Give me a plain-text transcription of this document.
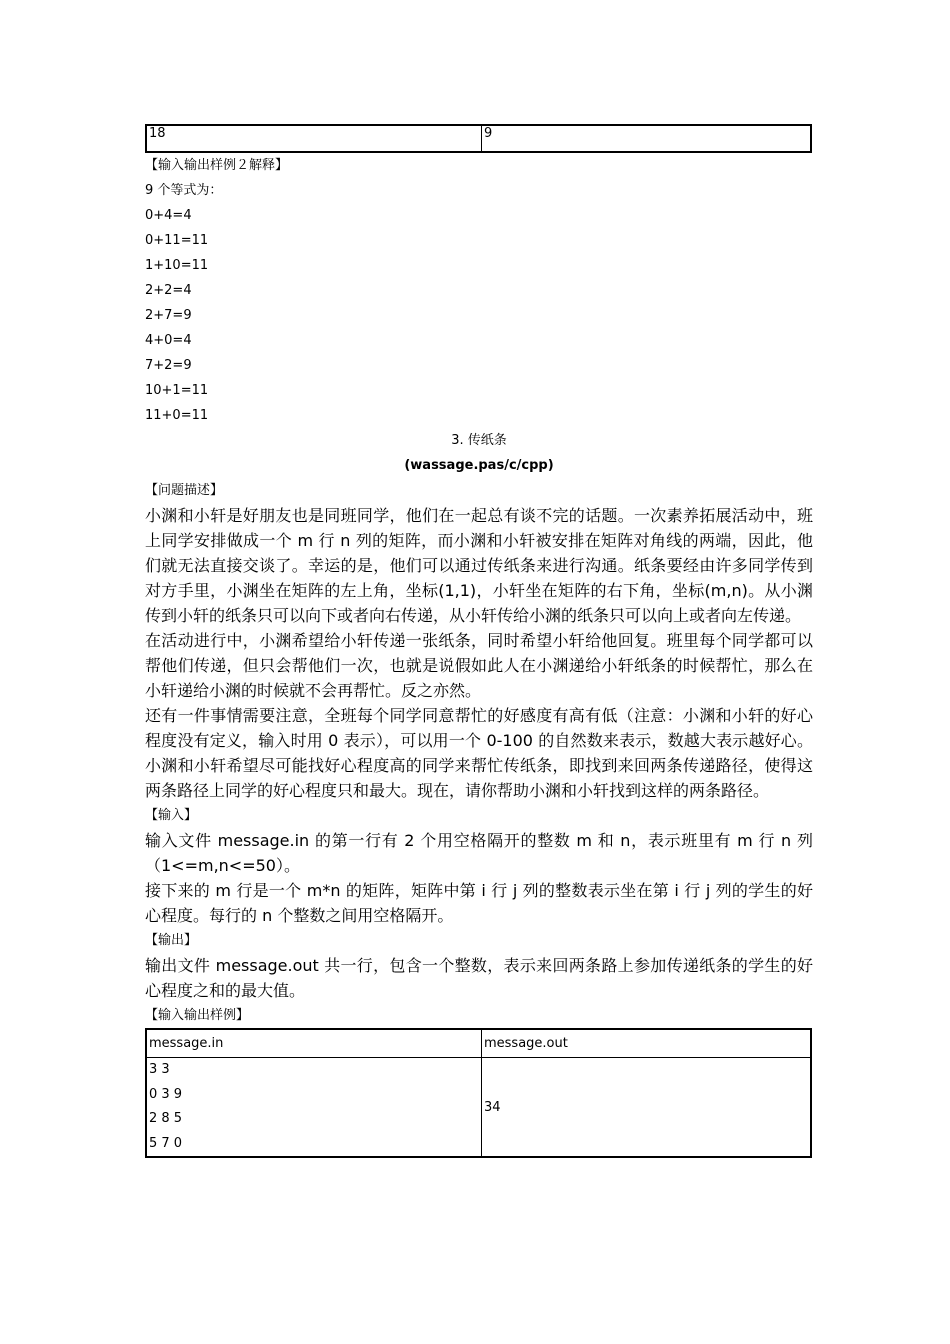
18	9
【输入输出样例２解释】
9 个等式为：
0+4=4
0+11=11
1+10=11
2+2=4
2+7=9
4+0=4
7+2=9
10+1=11
11+0=11
3. 传纸条
(wassage.pas/c/cpp)
【问题描述】

小渊和小轩是好朋友也是同班同学，他们在一起总有谈不完的话题。一次素养拓展活动中，班上同学安排做成一个 m 行 n 列的矩阵，而小渊和小轩被安排在矩阵对角线的两端，因此，他们就无法直接交谈了。幸运的是，他们可以通过传纸条来进行沟通。纸条要经由许多同学传到对方手里，小渊坐在矩阵的左上角，坐标(1,1)，小轩坐在矩阵的右下角，坐标(m,n)。从小渊传到小轩的纸条只可以向下或者向右传递，从小轩传给小渊的纸条只可以向上或者向左传递。

在活动进行中，小渊希望给小轩传递一张纸条，同时希望小轩给他回复。班里每个同学都可以帮他们传递，但只会帮他们一次，也就是说假如此人在小渊递给小轩纸条的时候帮忙，那么在小轩递给小渊的时候就不会再帮忙。反之亦然。

还有一件事情需要注意，全班每个同学同意帮忙的好感度有高有低（注意：小渊和小轩的好心程度没有定义，输入时用 0 表示），可以用一个 0-100 的自然数来表示，数越大表示越好心。小渊和小轩希望尽可能找好心程度高的同学来帮忙传纸条，即找到来回两条传递路径，使得这两条路径上同学的好心程度只和最大。现在，请你帮助小渊和小轩找到这样的两条路径。

【输入】

输入文件 message.in 的第一行有 2 个用空格隔开的整数 m 和 n，表示班里有 m 行 n 列（1<=m,n<=50）。

接下来的 m 行是一个 m*n 的矩阵，矩阵中第 i 行 j 列的整数表示坐在第 i 行 j 列的学生的好心程度。每行的 n 个整数之间用空格隔开。

【输出】

输出文件 message.out 共一行，包含一个整数，表示来回两条路上参加传递纸条的学生的好心程度之和的最大值。

【输入输出样例】
message.in	message.out

3 3
0 3 9
2 8 5
5 7 0	34
